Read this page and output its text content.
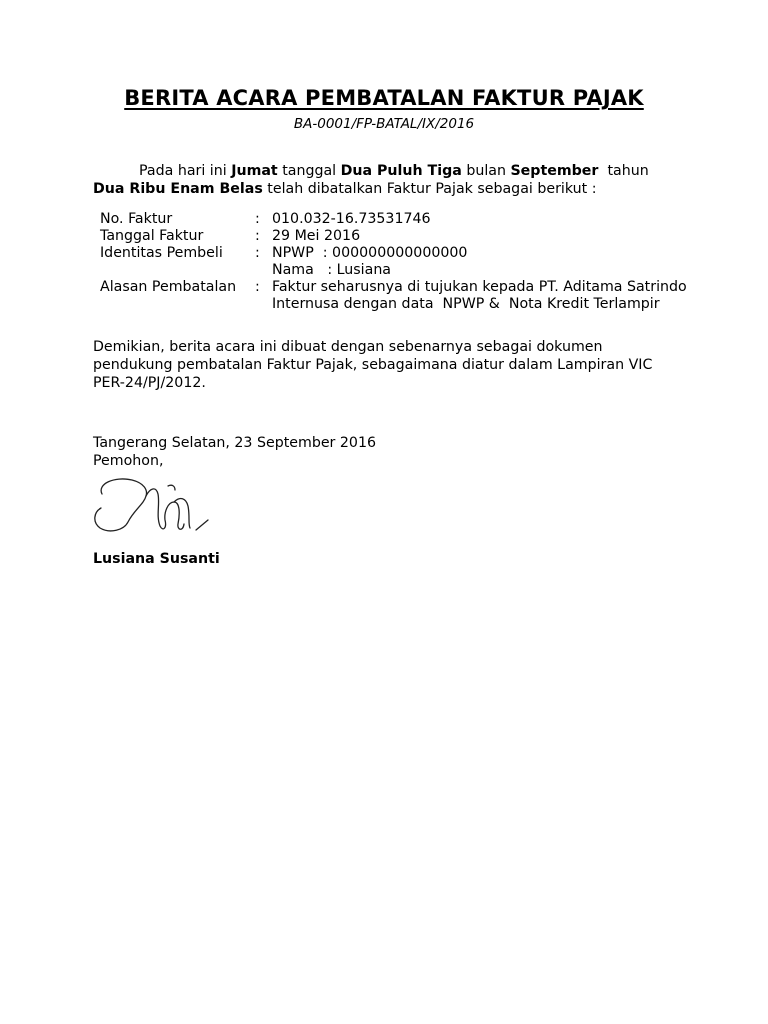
BERITA ACARA PEMBATALAN FAKTUR PAJAK
BA-0001/FP-BATAL/IX/2016
Pada hari ini Jumat tanggal Dua Puluh Tiga bulan September  tahun
Dua Ribu Enam Belas telah dibatalkan Faktur Pajak sebagai berikut :
No. Faktur	: 010.032-16.73531746
Tanggal Faktur	: 29 Mei 2016
Identitas Pembeli : NPWP  : 000000000000000
Nama   : Lusiana
Alasan Pembatalan : Faktur seharusnya di tujukan kepada PT. Aditama Satrindo
Internusa dengan data  NPWP &  Nota Kredit Terlampir
Demikian, berita acara ini dibuat dengan sebenarnya sebagai dokumen
pendukung pembatalan Faktur Pajak, sebagaimana diatur dalam Lampiran VIC
PER-24/PJ/2012.
Tangerang Selatan, 23 September 2016
Pemohon,
Lusiana Susanti
